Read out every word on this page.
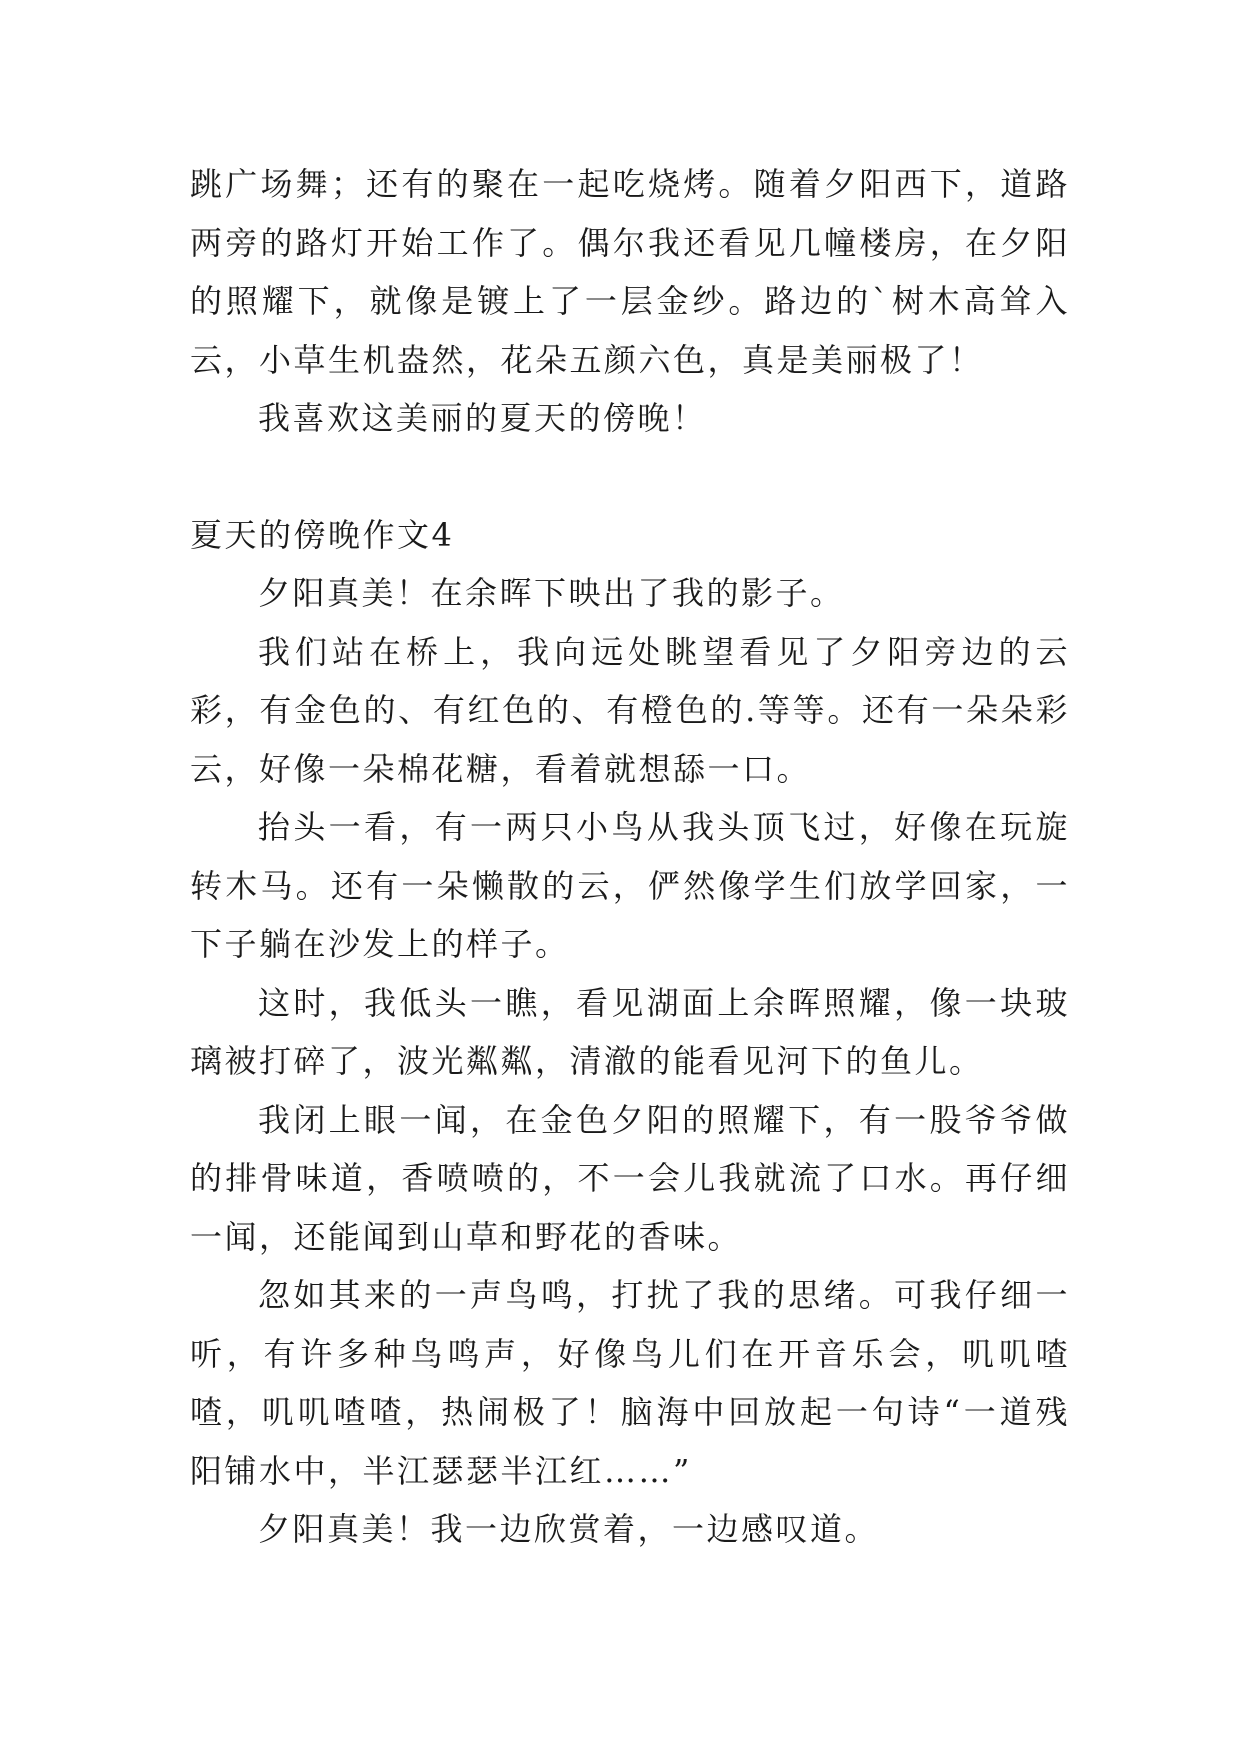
跳广场舞；还有的聚在一起吃烧烤。随着夕阳西下，道路两旁的路灯开始工作了。偶尔我还看见几幢楼房，在夕阳的照耀下，就像是镀上了一层金纱。路边的`树木高耸入云，小草生机盎然，花朵五颜六色，真是美丽极了！

我喜欢这美丽的夏天的傍晚！

夏天的傍晚作文4

夕阳真美！在余晖下映出了我的影子。

我们站在桥上，我向远处眺望看见了夕阳旁边的云彩，有金色的、有红色的、有橙色的.等等。还有一朵朵彩云，好像一朵棉花糖，看着就想舔一口。

抬头一看，有一两只小鸟从我头顶飞过，好像在玩旋转木马。还有一朵懒散的云，俨然像学生们放学回家，一下子躺在沙发上的样子。

这时，我低头一瞧，看见湖面上余晖照耀，像一块玻璃被打碎了，波光粼粼，清澈的能看见河下的鱼儿。

我闭上眼一闻，在金色夕阳的照耀下，有一股爷爷做的排骨味道，香喷喷的，不一会儿我就流了口水。再仔细一闻，还能闻到山草和野花的香味。

忽如其来的一声鸟鸣，打扰了我的思绪。可我仔细一听，有许多种鸟鸣声，好像鸟儿们在开音乐会，叽叽喳喳，叽叽喳喳，热闹极了！脑海中回放起一句诗“一道残阳铺水中，半江瑟瑟半江红……”

夕阳真美！我一边欣赏着，一边感叹道。
